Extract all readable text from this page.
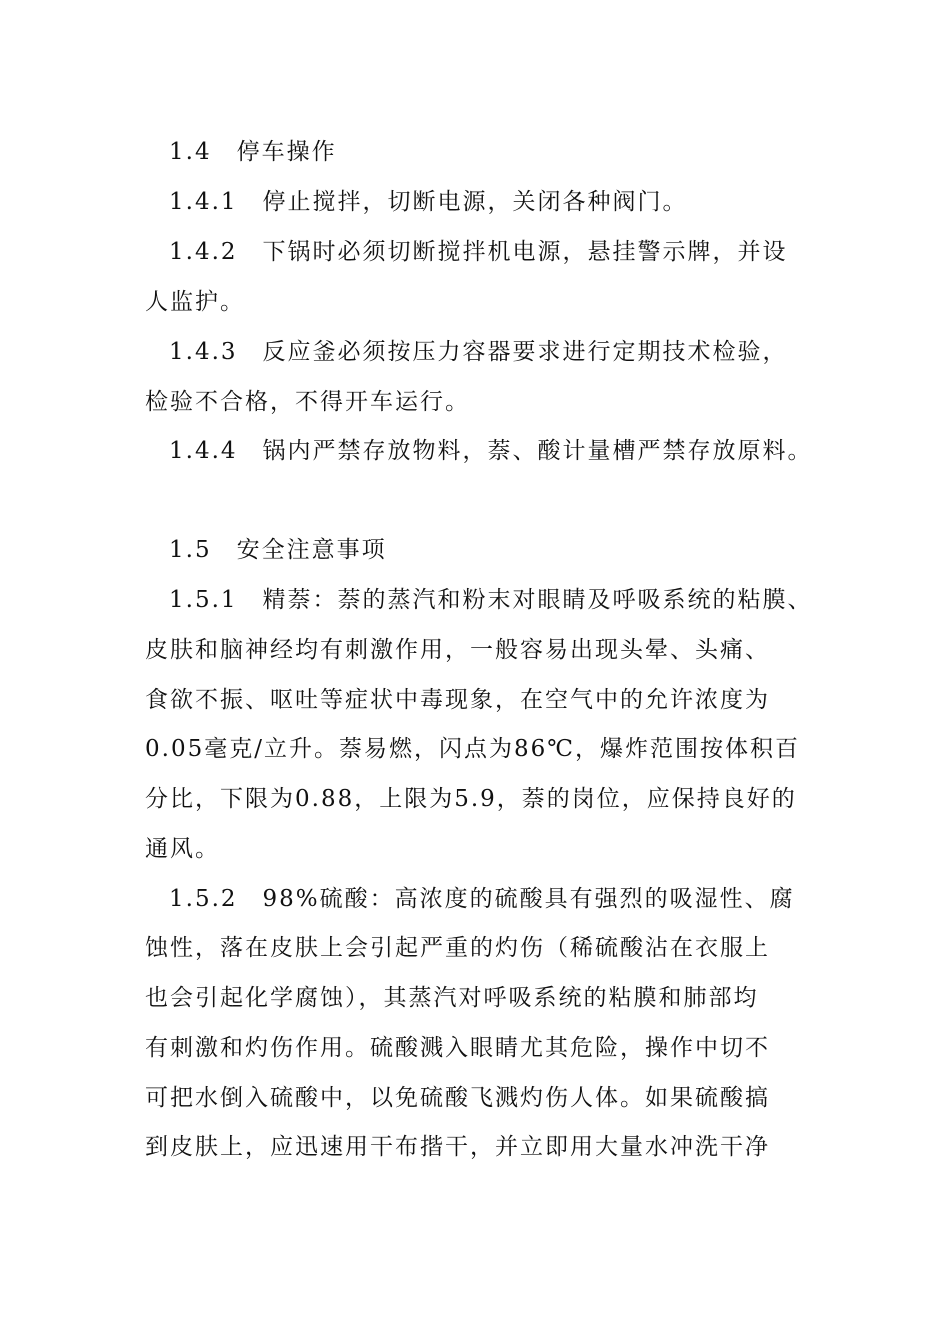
1.4　停车操作
1.4.1　停止搅拌，切断电源，关闭各种阀门。
1.4.2　下锅时必须切断搅拌机电源，悬挂警示牌，并设
人监护。
1.4.3　反应釜必须按压力容器要求进行定期技术检验，
检验不合格，不得开车运行。
1.4.4　锅内严禁存放物料，萘、酸计量槽严禁存放原料。
1.5　安全注意事项
1.5.1　精萘：萘的蒸汽和粉末对眼睛及呼吸系统的粘膜、
皮肤和脑神经均有刺激作用，一般容易出现头晕、头痛、
食欲不振、呕吐等症状中毒现象，在空气中的允许浓度为
0.05毫克/立升。萘易燃，闪点为86℃，爆炸范围按体积百
分比，下限为0.88，上限为5.9，萘的岗位，应保持良好的
通风。
1.5.2　98%硫酸：高浓度的硫酸具有强烈的吸湿性、腐
蚀性，落在皮肤上会引起严重的灼伤（稀硫酸沾在衣服上
也会引起化学腐蚀），其蒸汽对呼吸系统的粘膜和肺部均
有刺激和灼伤作用。硫酸溅入眼睛尤其危险，操作中切不
可把水倒入硫酸中，以免硫酸飞溅灼伤人体。如果硫酸搞
到皮肤上，应迅速用干布揩干，并立即用大量水冲洗干净
